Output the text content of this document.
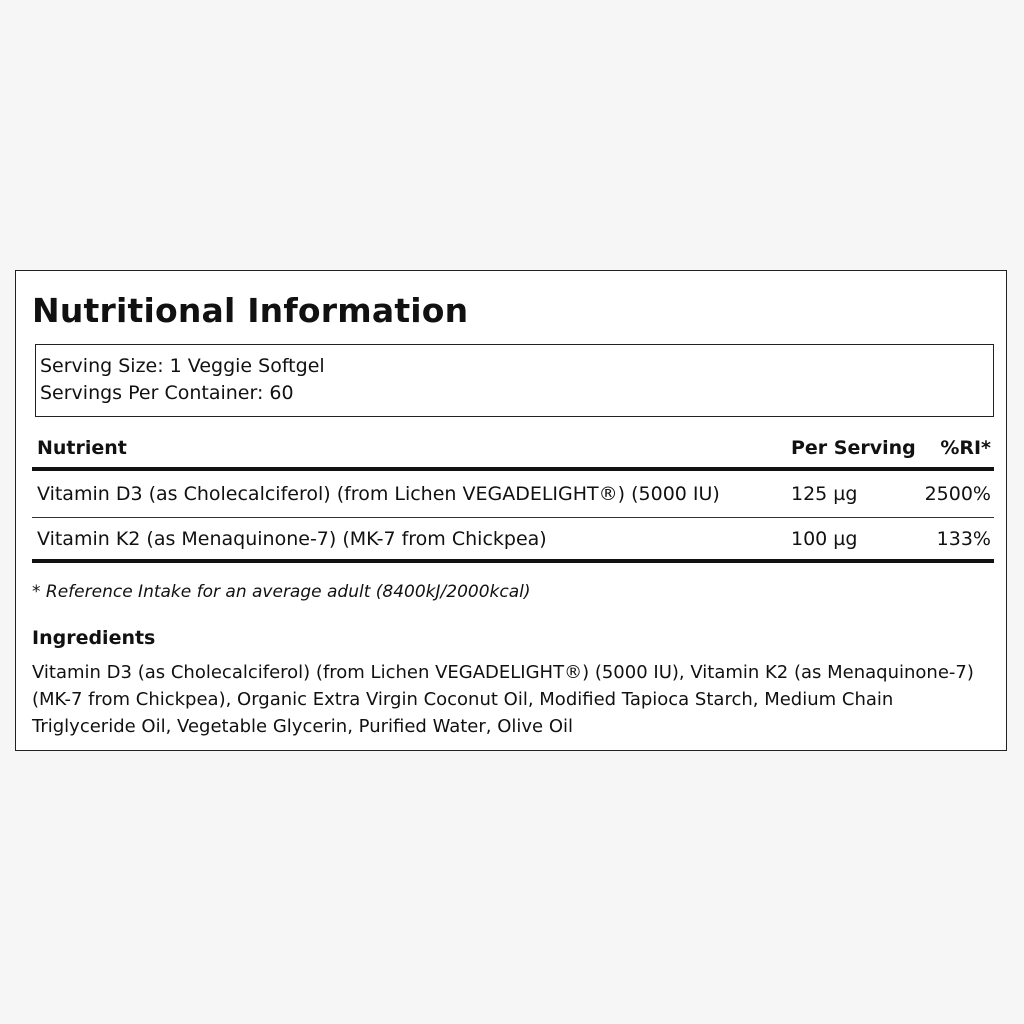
Nutritional Information
Serving Size: 1 Veggie Softgel
Servings Per Container: 60
Nutrient	Per Serving	%RI*
Vitamin D3 (as Cholecalciferol) (from Lichen VEGADELIGHT®) (5000 IU)	125 µg	2500%
Vitamin K2 (as Menaquinone-7) (MK-7 from Chickpea)	100 µg	133%
* Reference Intake for an average adult (8400kJ/2000kcal)
Ingredients
Vitamin D3 (as Cholecalciferol) (from Lichen VEGADELIGHT®) (5000 IU), Vitamin K2 (as Menaquinone-7) (MK-7 from Chickpea), Organic Extra Virgin Coconut Oil, Modified Tapioca Starch, Medium Chain Triglyceride Oil, Vegetable Glycerin, Purified Water, Olive Oil
